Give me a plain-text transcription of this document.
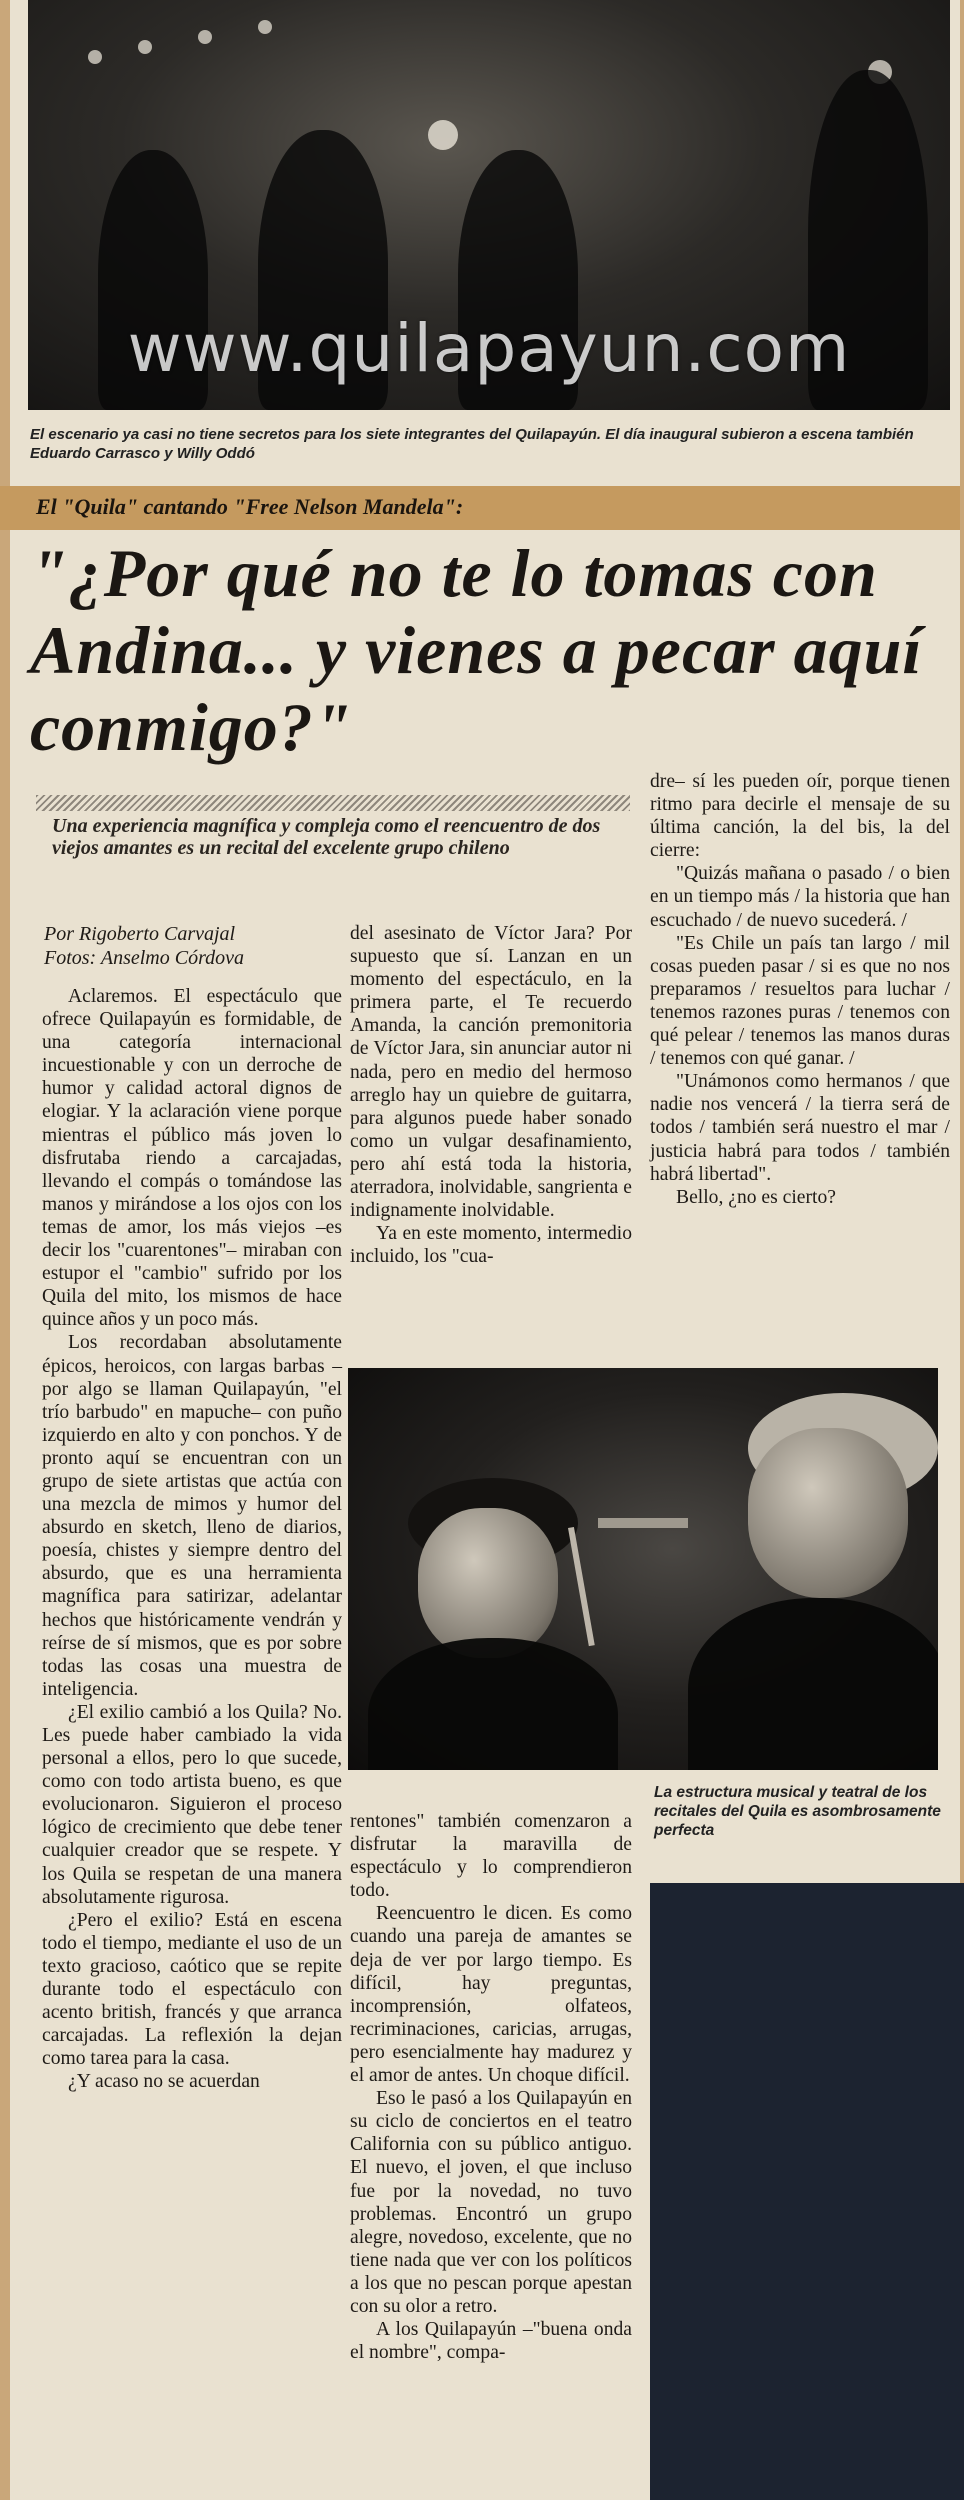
www.quilapayun.com
El escenario ya casi no tiene secretos para los siete integrantes del Quilapayún. El día inaugural subieron a escena también Eduardo Carrasco y Willy Oddó
El "Quila" cantando "Free Nelson Mandela":
"¿Por qué no te lo tomas con Andina... y vienes a pecar aquí conmigo?"
Una experiencia magnífica y compleja como el reencuentro de dos viejos amantes es un recital del excelente grupo chileno
Por Rigoberto Carvajal
Fotos: Anselmo Córdova

Aclaremos. El espectáculo que ofrece Quilapayún es formidable, de una categoría internacional incuestionable y con un derroche de humor y calidad actoral dignos de elogiar. Y la aclaración viene porque mientras el público más joven lo disfrutaba riendo a carcajadas, llevando el compás o tomándose las manos y mirándose a los ojos con los temas de amor, los más viejos –es decir los "cuarentones"– miraban con estupor el "cambio" sufrido por los Quila del mito, los mismos de hace quince años y un poco más.

Los recordaban absolutamente épicos, heroicos, con largas barbas –por algo se llaman Quilapayún, "el trío barbudo" en mapuche– con puño izquierdo en alto y con ponchos. Y de pronto aquí se encuentran con un grupo de siete artistas que actúa con una mezcla de mimos y humor del absurdo en sketch, lleno de diarios, poesía, chistes y siempre dentro del absurdo, que es una herramienta magnífica para satirizar, adelantar hechos que históricamente vendrán y reírse de sí mismos, que es por sobre todas las cosas una muestra de inteligencia.

¿El exilio cambió a los Quila? No. Les puede haber cambiado la vida personal a ellos, pero lo que sucede, como con todo artista bueno, es que evolucionaron. Siguieron el proceso lógico de crecimiento que debe tener cualquier creador que se respete. Y los Quila se respetan de una manera absolutamente rigurosa.

¿Pero el exilio? Está en escena todo el tiempo, mediante el uso de un texto gracioso, caótico que se repite durante todo el espectáculo con acento british, francés y que arranca carcajadas. La reflexión la dejan como tarea para la casa.

¿Y acaso no se acuerdan

del asesinato de Víctor Jara? Por supuesto que sí. Lanzan en un momento del espectáculo, en la primera parte, el Te recuerdo Amanda, la canción premonitoria de Víctor Jara, sin anunciar autor ni nada, pero en medio del hermoso arreglo hay un quiebre de guitarra, para algunos puede haber sonado como un vulgar desafinamiento, pero ahí está toda la historia, aterradora, inolvidable, sangrienta e indignamente inolvidable.

Ya en este momento, intermedio incluido, los "cua-

dre– sí les pueden oír, porque tienen ritmo para decirle el mensaje de su última canción, la del bis, la del cierre:

"Quizás mañana o pasado / o bien en un tiempo más / la historia que han escuchado / de nuevo sucederá. /

"Es Chile un país tan largo / mil cosas pueden pasar / si es que no nos preparamos / resueltos para luchar / tenemos razones puras / tenemos con qué pelear / tenemos las manos duras / tenemos con qué ganar. /

"Unámonos como hermanos / que nadie nos vencerá / la tierra será de todos / también será nuestro el mar / justicia habrá para todos / también habrá libertad".

Bello, ¿no es cierto?

rentones" también comenzaron a disfrutar la maravilla de espectáculo y lo comprendieron todo.

Reencuentro le dicen. Es como cuando una pareja de amantes se deja de ver por largo tiempo. Es difícil, hay preguntas, incomprensión, olfateos, recriminaciones, caricias, arrugas, pero esencialmente hay madurez y el amor de antes. Un choque difícil.

Eso le pasó a los Quilapayún en su ciclo de conciertos en el teatro California con su público antiguo. El nuevo, el joven, el que incluso fue por la novedad, no tuvo problemas. Encontró un grupo alegre, novedoso, excelente, que no tiene nada que ver con los políticos a los que no pescan porque apestan con su olor a retro.

A los Quilapayún –"buena onda el nombre", compa-

La estructura musical y teatral de los recitales del Quila es asombrosamente perfecta
